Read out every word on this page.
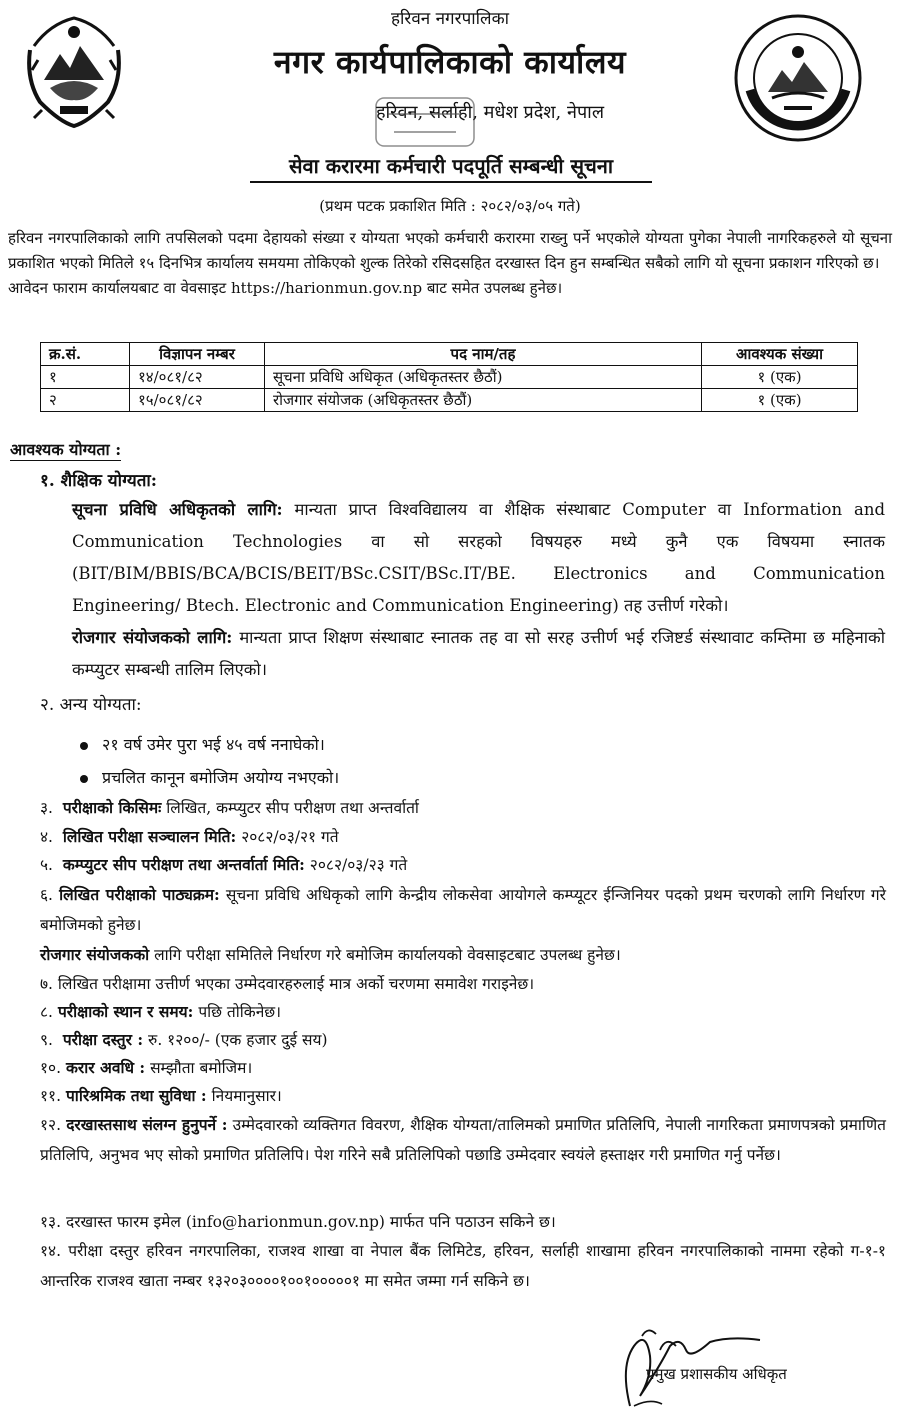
हरिवन नगरपालिका
नगर कार्यपालिकाको कार्यालय
हरिवन, सर्लाही, मधेश प्रदेश, नेपाल
सेवा करारमा कर्मचारी पदपूर्ति सम्बन्धी सूचना
(प्रथम पटक प्रकाशित मिति : २०८२/०३/०५ गते)

हरिवन नगरपालिकाको लागि तपसिलको पदमा देहायको संख्या र योग्यता भएको कर्मचारी करारमा राख्नु पर्ने भएकोले योग्यता पुगेका नेपाली नागरिकहरुले यो सूचना प्रकाशित भएको मितिले १५ दिनभित्र कार्यालय समयमा तोकिएको शुल्क तिरेको रसिदसहित दरखास्त दिन हुन सम्बन्धित सबैको लागि यो सूचना प्रकाशन गरिएको छ।

आवेदन फाराम कार्यालयबाट वा वेवसाइट https://harionmun.gov.np बाट समेत उपलब्ध हुनेछ।

क्र.सं.	विज्ञापन नम्बर	पद नाम/तह	आवश्यक संख्या
१	१४/०८१/८२	सूचना प्रविधि अधिकृत (अधिकृतस्तर छैठौं)	१ (एक)
२	१५/०८१/८२	रोजगार संयोजक (अधिकृतस्तर छैठौं)	१ (एक)
आवश्यक योग्यता :
१. शैक्षिक योग्यता:

सूचना प्रविधि अधिकृतको लागि: मान्यता प्राप्त विश्वविद्यालय वा शैक्षिक संस्थाबाट Computer वा Information and Communication Technologies वा सो सरहको विषयहरु मध्ये कुनै एक विषयमा स्नातक (BIT/BIM/BBIS/BCA/BCIS/BEIT/BSc.CSIT/BSc.IT/BE. Electronics and Communication Engineering/ Btech. Electronic and Communication Engineering) तह उत्तीर्ण गरेको।

रोजगार संयोजकको लागि: मान्यता प्राप्त शिक्षण संस्थाबाट स्नातक तह वा सो सरह उत्तीर्ण भई रजिष्टर्ड संस्थावाट कम्तिमा छ महिनाको कम्प्युटर सम्बन्धी तालिम लिएको।

२. अन्य योग्यता:
२१ वर्ष उमेर पुरा भई ४५ वर्ष ननाघेको।
प्रचलित कानून बमोजिम अयोग्य नभएको।
३. परीक्षाको किसिमः लिखित, कम्प्युटर सीप परीक्षण तथा अन्तर्वार्ता
४. लिखित परीक्षा सञ्चालन मिति: २०८२/०३/२१ गते
५. कम्प्युटर सीप परीक्षण तथा अन्तर्वार्ता मिति: २०८२/०३/२३ गते

६. लिखित परीक्षाको पाठ्यक्रम: सूचना प्रविधि अधिकृको लागि केन्द्रीय लोकसेवा आयोगले कम्प्यूटर ईन्जिनियर पदको प्रथम चरणको लागि निर्धारण गरे बमोजिमको हुनेछ।

रोजगार संयोजकको लागि परीक्षा समितिले निर्धारण गरे बमोजिम कार्यालयको वेवसाइटबाट उपलब्ध हुनेछ।

७. लिखित परीक्षामा उत्तीर्ण भएका उम्मेदवारहरुलाई मात्र अर्को चरणमा समावेश गराइनेछ।
८. परीक्षाको स्थान र समय: पछि तोकिनेछ।
९. परीक्षा दस्तुर : रु. १२००/- (एक हजार दुई सय)
१०. करार अवधि : सम्झौता बमोजिम।
११. पारिश्रमिक तथा सुविधा : नियमानुसार।

१२. दरखास्तसाथ संलग्न हुनुपर्ने : उम्मेदवारको व्यक्तिगत विवरण, शैक्षिक योग्यता/तालिमको प्रमाणित प्रतिलिपि, नेपाली नागरिकता प्रमाणपत्रको प्रमाणित प्रतिलिपि, अनुभव भए सोको प्रमाणित प्रतिलिपि। पेश गरिने सबै प्रतिलिपिको पछाडि उम्मेदवार स्वयंले हस्ताक्षर गरी प्रमाणित गर्नु पर्नेछ।

१३. दरखास्त फारम इमेल (info@harionmun.gov.np) मार्फत पनि पठाउन सकिने छ।
१४. परीक्षा दस्तुर हरिवन नगरपालिका, राजश्व शाखा वा नेपाल बैंक लिमिटेड, हरिवन, सर्लाही शाखामा हरिवन नगरपालिकाको नाममा रहेको ग-१-१ आन्तरिक राजश्व खाता नम्बर १३२०३००००१००१०००००१ मा समेत जम्मा गर्न सकिने छ।
प्रमुख प्रशासकीय अधिकृत
